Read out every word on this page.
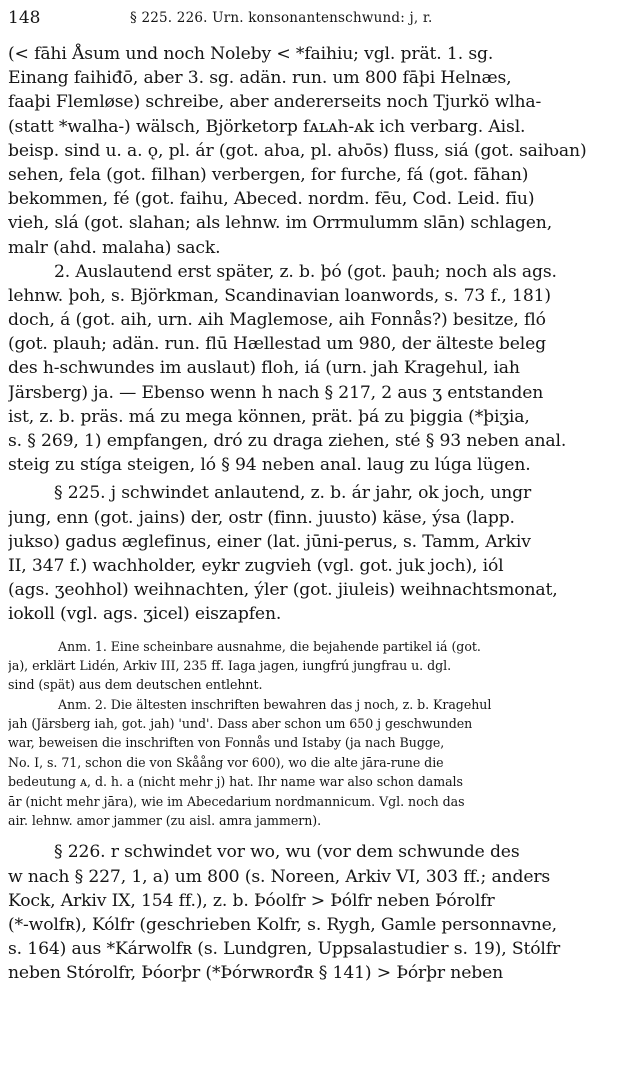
148	§ 225. 226. Urn. konsonantenschwund: j, r.
(< fāhi Åsum und noch Noleby < *faihiu; vgl. prät. 1. sg.
Einang faihiđō, aber 3. sg. adän. run. um 800 fāþi Helnæs,
faaþi Flemløse) schreibe, aber andererseits noch Tjurkö wlha-
(statt *walha-) wälsch, Björketorp fᴀʟᴀh-ᴀk ich verbarg. Aisl.
beisp. sind u. a. ǫ, pl. ár (got. aƕa, pl. aƕōs) fluss, siá (got. saiƕan)
sehen, fela (got. filhan) verbergen, for furche, fá (got. fāhan)
bekommen, fé (got. faihu, Abeced. nordm. fēu, Cod. Leid. fīu)
vieh, slá (got. slahan; als lehnw. im Orrmulumm slān) schlagen,
malr (ahd. malaha) sack.
2. Auslautend erst später, z. b. þó (got. þauh; noch als ags.
lehnw. þoh, s. Björkman, Scandinavian loanwords, s. 73 f., 181)
doch, á (got. aih, urn. ᴀih Maglemose, aih Fonnås?) besitze, fló
(got. plauh; adän. run. flū Hællestad um 980, der älteste beleg
des h-schwundes im auslaut) floh, iá (urn. jah Kragehul, iah
Järsberg) ja. — Ebenso wenn h nach § 217, 2 aus ʒ entstanden
ist, z. b. präs. má zu mega können, prät. þá zu þiggia (*þiʒia,
s. § 269, 1) empfangen, dró zu draga ziehen, sté § 93 neben anal.
steig zu stíga steigen, ló § 94 neben anal. laug zu lúga lügen.
§ 225. j schwindet anlautend, z. b. ár jahr, ok joch, ungr
jung, enn (got. jains) der, ostr (finn. juusto) käse, ýsa (lapp.
jukso) gadus æglefinus, einer (lat. jūni-perus, s. Tamm, Arkiv
II, 347 f.) wachholder, eykr zugvieh (vgl. got. juk joch), iól
(ags. ʒeohhol) weihnachten, ýler (got. jiuleis) weihnachtsmonat,
iokoll (vgl. ags. ʒicel) eiszapfen.
Anm. 1. Eine scheinbare ausnahme, die bejahende partikel iá (got.
ja), erklärt Lidén, Arkiv III, 235 ff. Iaga jagen, iungfrú jungfrau u. dgl.
sind (spät) aus dem deutschen entlehnt.
Anm. 2. Die ältesten inschriften bewahren das j noch, z. b. Kragehul
jah (Järsberg iah, got. jah) 'und'. Dass aber schon um 650 j geschwunden
war, beweisen die inschriften von Fonnås und Istaby (ja nach Bugge,
No. I, s. 71, schon die von Skåång vor 600), wo die alte jāra-rune die
bedeutung ᴀ, d. h. a (nicht mehr j) hat. Ihr name war also schon damals
ār (nicht mehr jāra), wie im Abecedarium nordmannicum. Vgl. noch das
air. lehnw. amor jammer (zu aisl. amra jammern).
§ 226. r schwindet vor wo, wu (vor dem schwunde des
w nach § 227, 1, a) um 800 (s. Noreen, Arkiv VI, 303 ff.; anders
Kock, Arkiv IX, 154 ff.), z. b. Þóolfr > Þólfr neben Þórolfr
(*-wolfʀ), Kólfr (geschrieben Kolfr, s. Rygh, Gamle personnavne,
s. 164) aus *Kárwolfʀ (s. Lundgren, Uppsalastudier s. 19), Stólfr
neben Stórolfr, Þóorþr (*Þórwʀorđʀ § 141) > Þórþr neben
